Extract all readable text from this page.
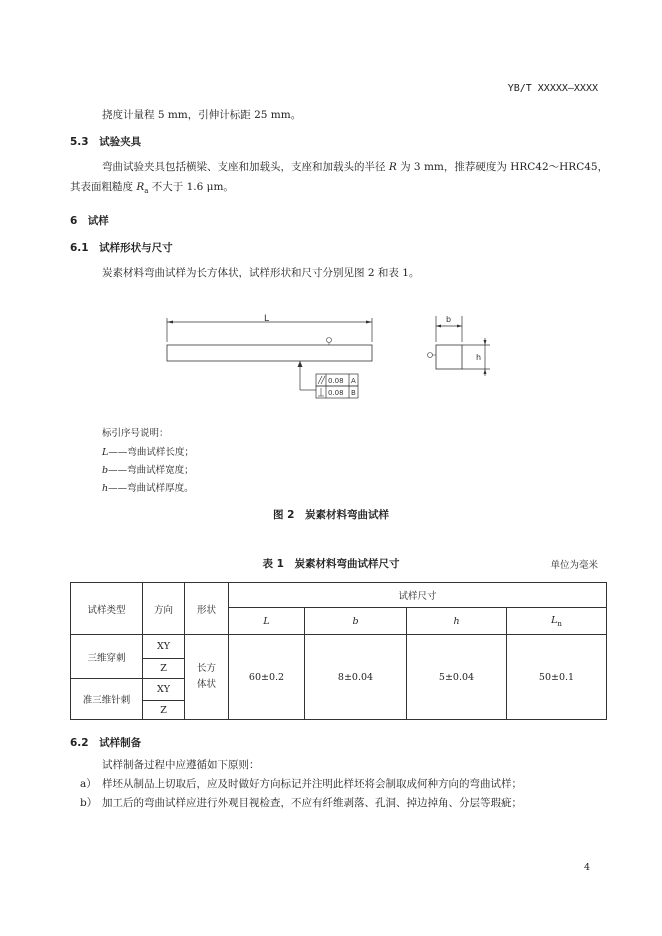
YB/T XXXXX—XXXX
挠度计量程 5 mm，引伸计标距 25 mm。
5.3　试验夹具
弯曲试验夹具包括横梁、支座和加载头，支座和加载头的半径 R 为 3 mm，推荐硬度为 HRC42～HRC45，
其表面粗糙度 $R_a$ 不大于 1.6 μm。
6　试样
6.1　试样形状与尺寸
炭素材料弯曲试样为长方体状，试样形状和尺寸分别见图 2 和表 1。
L
0.08 A
0.08 B
b
h
标引序号说明：
L——弯曲试样长度；
b——弯曲试样宽度；
h——弯曲试样厚度。
图 2　炭素材料弯曲试样
表 1　炭素材料弯曲试样尺寸	单位为毫米
试样类型	方向	形状	试样尺寸			
			L	b	h	$L_n$
三维穿刺	XY	长方体状	60±0.2	8±0.04	5±0.04	50±0.1
	Z					
准三维针刺	XY					
	Z					
6.2　试样制备
试样制备过程中应遵循如下原则：
a） 样坯从制品上切取后，应及时做好方向标记并注明此样坯将会制取成何种方向的弯曲试样；
b） 加工后的弯曲试样应进行外观目视检查，不应有纤维剥落、孔洞、掉边掉角、分层等瑕疵；
4
